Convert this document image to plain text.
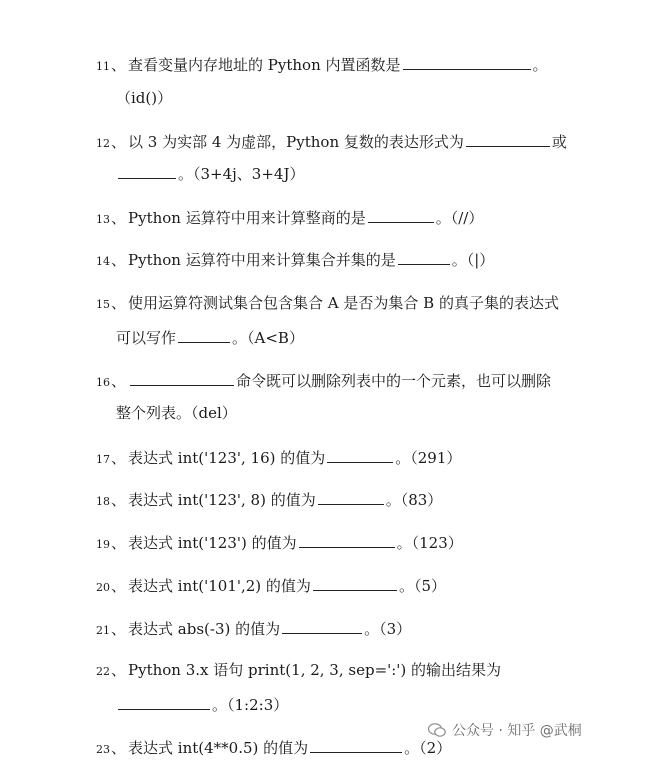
11、 查看变量内存地址的 Python 内置函数是	。
（id()）
12、 以 3 为实部 4 为虚部，Python 复数的表达形式为	或
。（3+4j、3+4J）
13、 Python 运算符中用来计算整商的是	。（//）
14、 Python 运算符中用来计算集合并集的是	。（|）
15、 使用运算符测试集合包含集合 A 是否为集合 B 的真子集的表达式
可以写作	。（A<B）
16、	命令既可以删除列表中的一个元素，也可以删除
整个列表。（del）
17、 表达式 int('123', 16) 的值为	。（291）
18、 表达式 int('123', 8) 的值为	。（83）
19、 表达式 int('123') 的值为	。（123）
20、 表达式 int('101',2) 的值为	。（5）
21、 表达式 abs(-3) 的值为	。（3）
22、 Python 3.x 语句 print(1, 2, 3, sep=':') 的输出结果为
。（1:2:3）
23、 表达式 int(4**0.5) 的值为	。（2）
公众号 · 知乎 @武桐
